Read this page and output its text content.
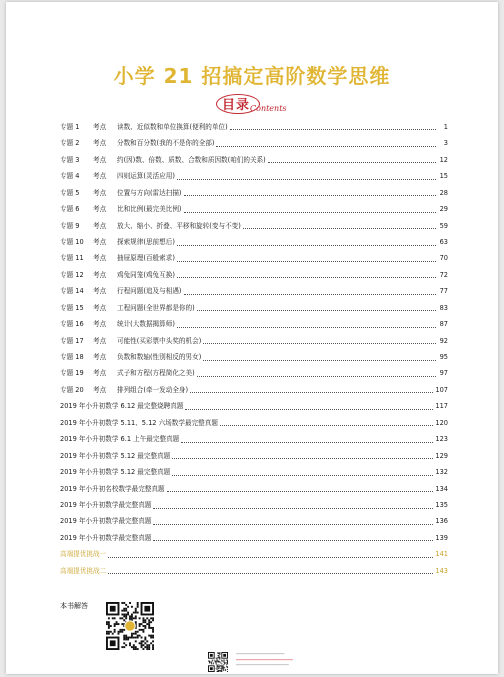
小学 21 招搞定高阶数学思维
目录 Contents
专题 1	考点	读数、近似数和单位换算(便利的单位)	1
专题 2	考点	分数和百分数(我的不是你的全部)	3
专题 3	考点	约(因)数、倍数、质数、合数和质因数(咱们的关系)	12
专题 4	考点	四则运算(灵活应用)	15
专题 5	考点	位置与方向(雷达扫描)	28
专题 6	考点	比和比例(最完美比例)	29
专题 9	考点	放大、缩小、折叠、平移和旋转(变与不变)	59
专题 10	考点	探索规律(思前想后)	63
专题 11	考点	抽屉原理(百般索求)	70
专题 12	考点	鸡兔同笼(鸡兔互换)	72
专题 14	考点	行程问题(追及与相遇)	77
专题 15	考点	工程问题(全世界都是你的)	83
专题 16	考点	统计(大数据揭算师)	87
专题 17	考点	可能性(买彩票中头奖的机会)	92
专题 18	考点	负数和数轴(性别相反的男女)	95
专题 19	考点	式子和方程(方程简化之美)	97
专题 20	考点	排列组合(牵一发动全身)	107
2019 年小升初数学 6.12 最完整烧聘真题	117
2019 年小升初数学 5.11、5.12 六场数学最完整真题	120
2019 年小升初数学 6.1 上午最完整真题	123
2019 年小升初数学 5.12 最完整真题	129
2019 年小升初数学 5.12 最完整真题	132
2019 年小升初名校数学最完整真题	134
2019 年小升初数学最完整真题	135
2019 年小升初数学最完整真题	136
2019 年小升初数学最完整真题	139
高端提优挑战一	141
高端提优挑战二	143
本书解答
━━━━━━━━━━━━━━━━━━━━━━━
━━━━━━━━━━━━━━━━━━━━━━━━━━━
━━━━━━━━━━━━━━━━━━━━━━━━━
